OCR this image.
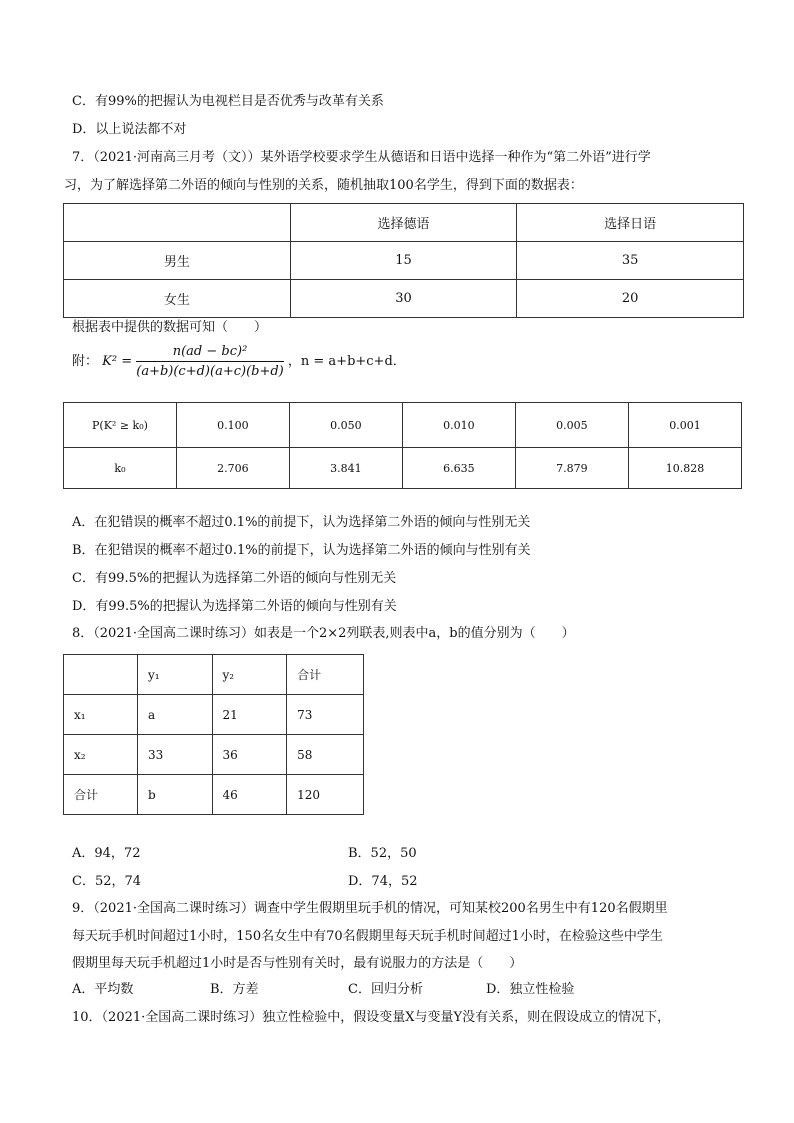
C．有99%的把握认为电视栏目是否优秀与改革有关系
D．以上说法都不对
7．（2021·河南高三月考（文））某外语学校要求学生从德语和日语中选择一种作为“第二外语”进行学
习，为了解选择第二外语的倾向与性别的关系，随机抽取100名学生，得到下面的数据表：
	选择德语	选择日语
男生	15	35
女生	30	20
根据表中提供的数据可知（　　）
附： $K^2 = \frac{\text{n(ad − bc)²}}{(a+b)(c+d)(a+c)(b+d)}$ ，n = a+b+c+d．
P(K² ≥ k₀)	0.100	0.050	0.010	0.005	0.001
k₀	2.706	3.841	6.635	7.879	10.828
A．在犯错误的概率不超过0.1%的前提下，认为选择第二外语的倾向与性别无关
B．在犯错误的概率不超过0.1%的前提下，认为选择第二外语的倾向与性别有关
C．有99.5%的把握认为选择第二外语的倾向与性别无关
D．有99.5%的把握认为选择第二外语的倾向与性别有关
8．（2021·全国高二课时练习）如表是一个2×2列联表,则表中a，b的值分别为（　　）
	y₁	y₂	合计
x₁	a	21	73
x₂	33	36	58
合计	b	46	120
A．94，72	B．52，50
C．52，74	D．74，52
9．（2021·全国高二课时练习）调查中学生假期里玩手机的情况，可知某校200名男生中有120名假期里
每天玩手机时间超过1小时，150名女生中有70名假期里每天玩手机时间超过1小时，在检验这些中学生
假期里每天玩手机超过1小时是否与性别有关时，最有说服力的方法是（　　）
A．平均数	B．方差	C．回归分析	D．独立性检验
10．（2021·全国高二课时练习）独立性检验中，假设变量X与变量Y没有关系，则在假设成立的情况下，
